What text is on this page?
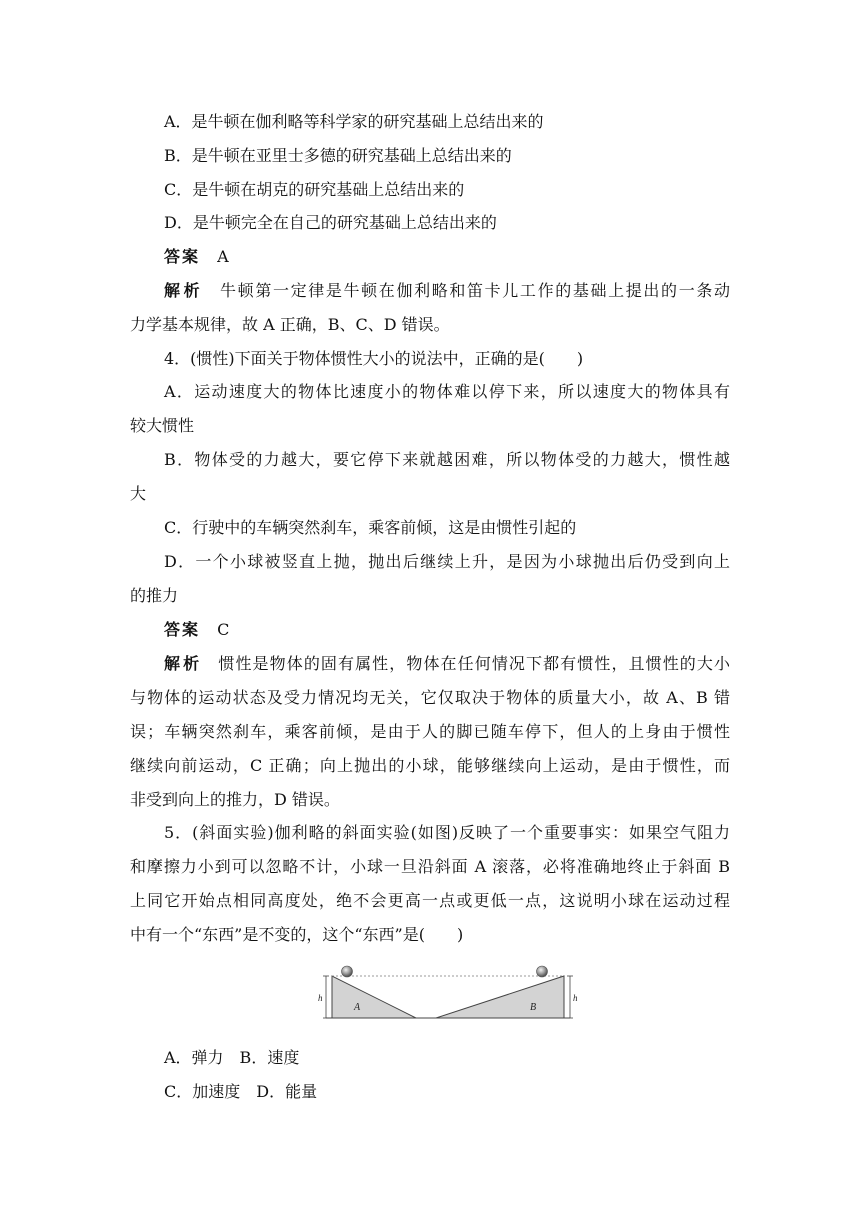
A．是牛顿在伽利略等科学家的研究基础上总结出来的
B．是牛顿在亚里士多德的研究基础上总结出来的
C．是牛顿在胡克的研究基础上总结出来的
D．是牛顿完全在自己的研究基础上总结出来的
答案 A
解析 牛顿第一定律是牛顿在伽利略和笛卡儿工作的基础上提出的一条动
力学基本规律，故 A 正确，B、C、D 错误。
4．(惯性)下面关于物体惯性大小的说法中，正确的是(　　)
A．运动速度大的物体比速度小的物体难以停下来，所以速度大的物体具有
较大惯性
B．物体受的力越大，要它停下来就越困难，所以物体受的力越大，惯性越
大
C．行驶中的车辆突然刹车，乘客前倾，这是由惯性引起的
D．一个小球被竖直上抛，抛出后继续上升，是因为小球抛出后仍受到向上
的推力
答案 C
解析 惯性是物体的固有属性，物体在任何情况下都有惯性，且惯性的大小
与物体的运动状态及受力情况均无关，它仅取决于物体的质量大小，故 A、B 错
误；车辆突然刹车，乘客前倾，是由于人的脚已随车停下，但人的上身由于惯性
继续向前运动，C 正确；向上抛出的小球，能够继续向上运动，是由于惯性，而
非受到向上的推力，D 错误。
5．(斜面实验)伽利略的斜面实验(如图)反映了一个重要事实：如果空气阻力
和摩擦力小到可以忽略不计，小球一旦沿斜面 A 滚落，必将准确地终止于斜面 B
上同它开始点相同高度处，绝不会更高一点或更低一点，这说明小球在运动过程
中有一个“东西”是不变的，这个“东西”是(　　)
h	h
A	B
A．弹力　B．速度
C．加速度　D．能量
